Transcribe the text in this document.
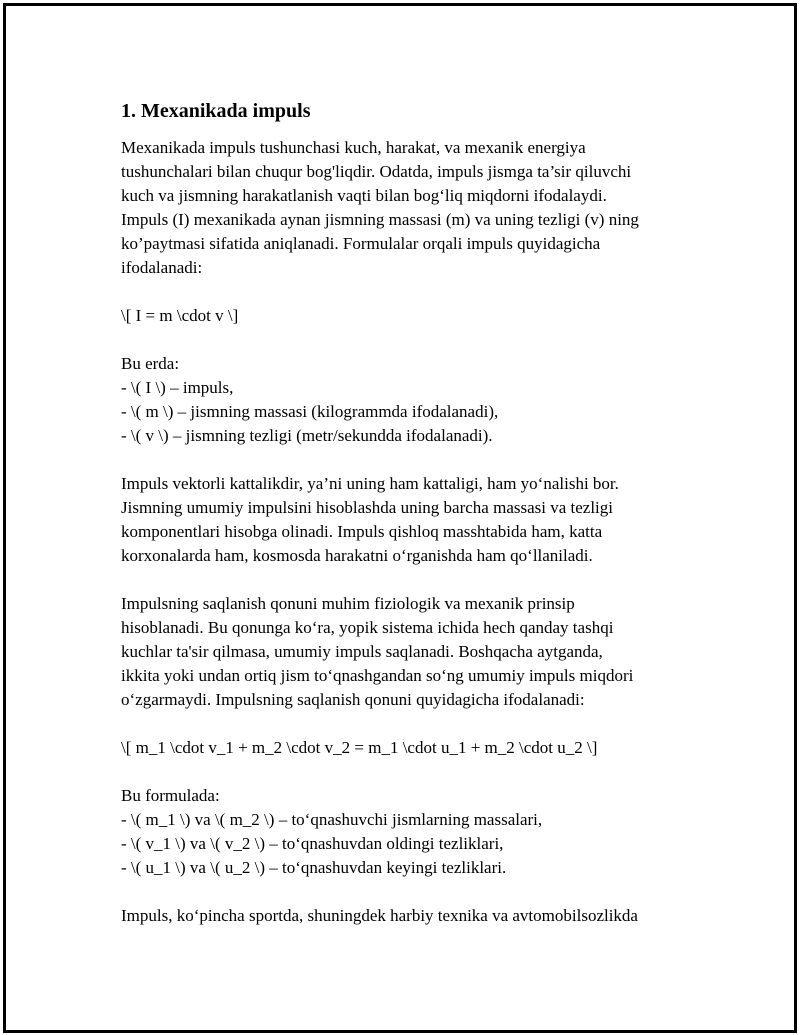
1. Mexanikada impuls
Mexanikada impuls tushunchasi kuch, harakat, va mexanik energiya
tushunchalari bilan chuqur bog'liqdir. Odatda, impuls jismga ta’sir qiluvchi
kuch va jismning harakatlanish vaqti bilan bog‘liq miqdorni ifodalaydi.
Impuls (I) mexanikada aynan jismning massasi (m) va uning tezligi (v) ning
ko’paytmasi sifatida aniqlanadi. Formulalar orqali impuls quyidagicha
ifodalanadi:
\[ I = m \cdot v \]
Bu erda:
- \( I \) – impuls,
- \( m \) – jismning massasi (kilogrammda ifodalanadi),
- \( v \) – jismning tezligi (metr/sekundda ifodalanadi).
Impuls vektorli kattalikdir, ya’ni uning ham kattaligi, ham yo‘nalishi bor.
Jismning umumiy impulsini hisoblashda uning barcha massasi va tezligi
komponentlari hisobga olinadi. Impuls qishloq masshtabida ham, katta
korxonalarda ham, kosmosda harakatni o‘rganishda ham qo‘llaniladi.
Impulsning saqlanish qonuni muhim fiziologik va mexanik prinsip
hisoblanadi. Bu qonunga ko‘ra, yopik sistema ichida hech qanday tashqi
kuchlar ta'sir qilmasa, umumiy impuls saqlanadi. Boshqacha aytganda,
ikkita yoki undan ortiq jism to‘qnashgandan so‘ng umumiy impuls miqdori
o‘zgarmaydi. Impulsning saqlanish qonuni quyidagicha ifodalanadi:
\[ m_1 \cdot v_1 + m_2 \cdot v_2 = m_1 \cdot u_1 + m_2 \cdot u_2 \]
Bu formulada:
- \( m_1 \) va \( m_2 \) – to‘qnashuvchi jismlarning massalari,
- \( v_1 \) va \( v_2 \) – to‘qnashuvdan oldingi tezliklari,
- \( u_1 \) va \( u_2 \) – to‘qnashuvdan keyingi tezliklari.
Impuls, ko‘pincha sportda, shuningdek harbiy texnika va avtomobilsozlikda
